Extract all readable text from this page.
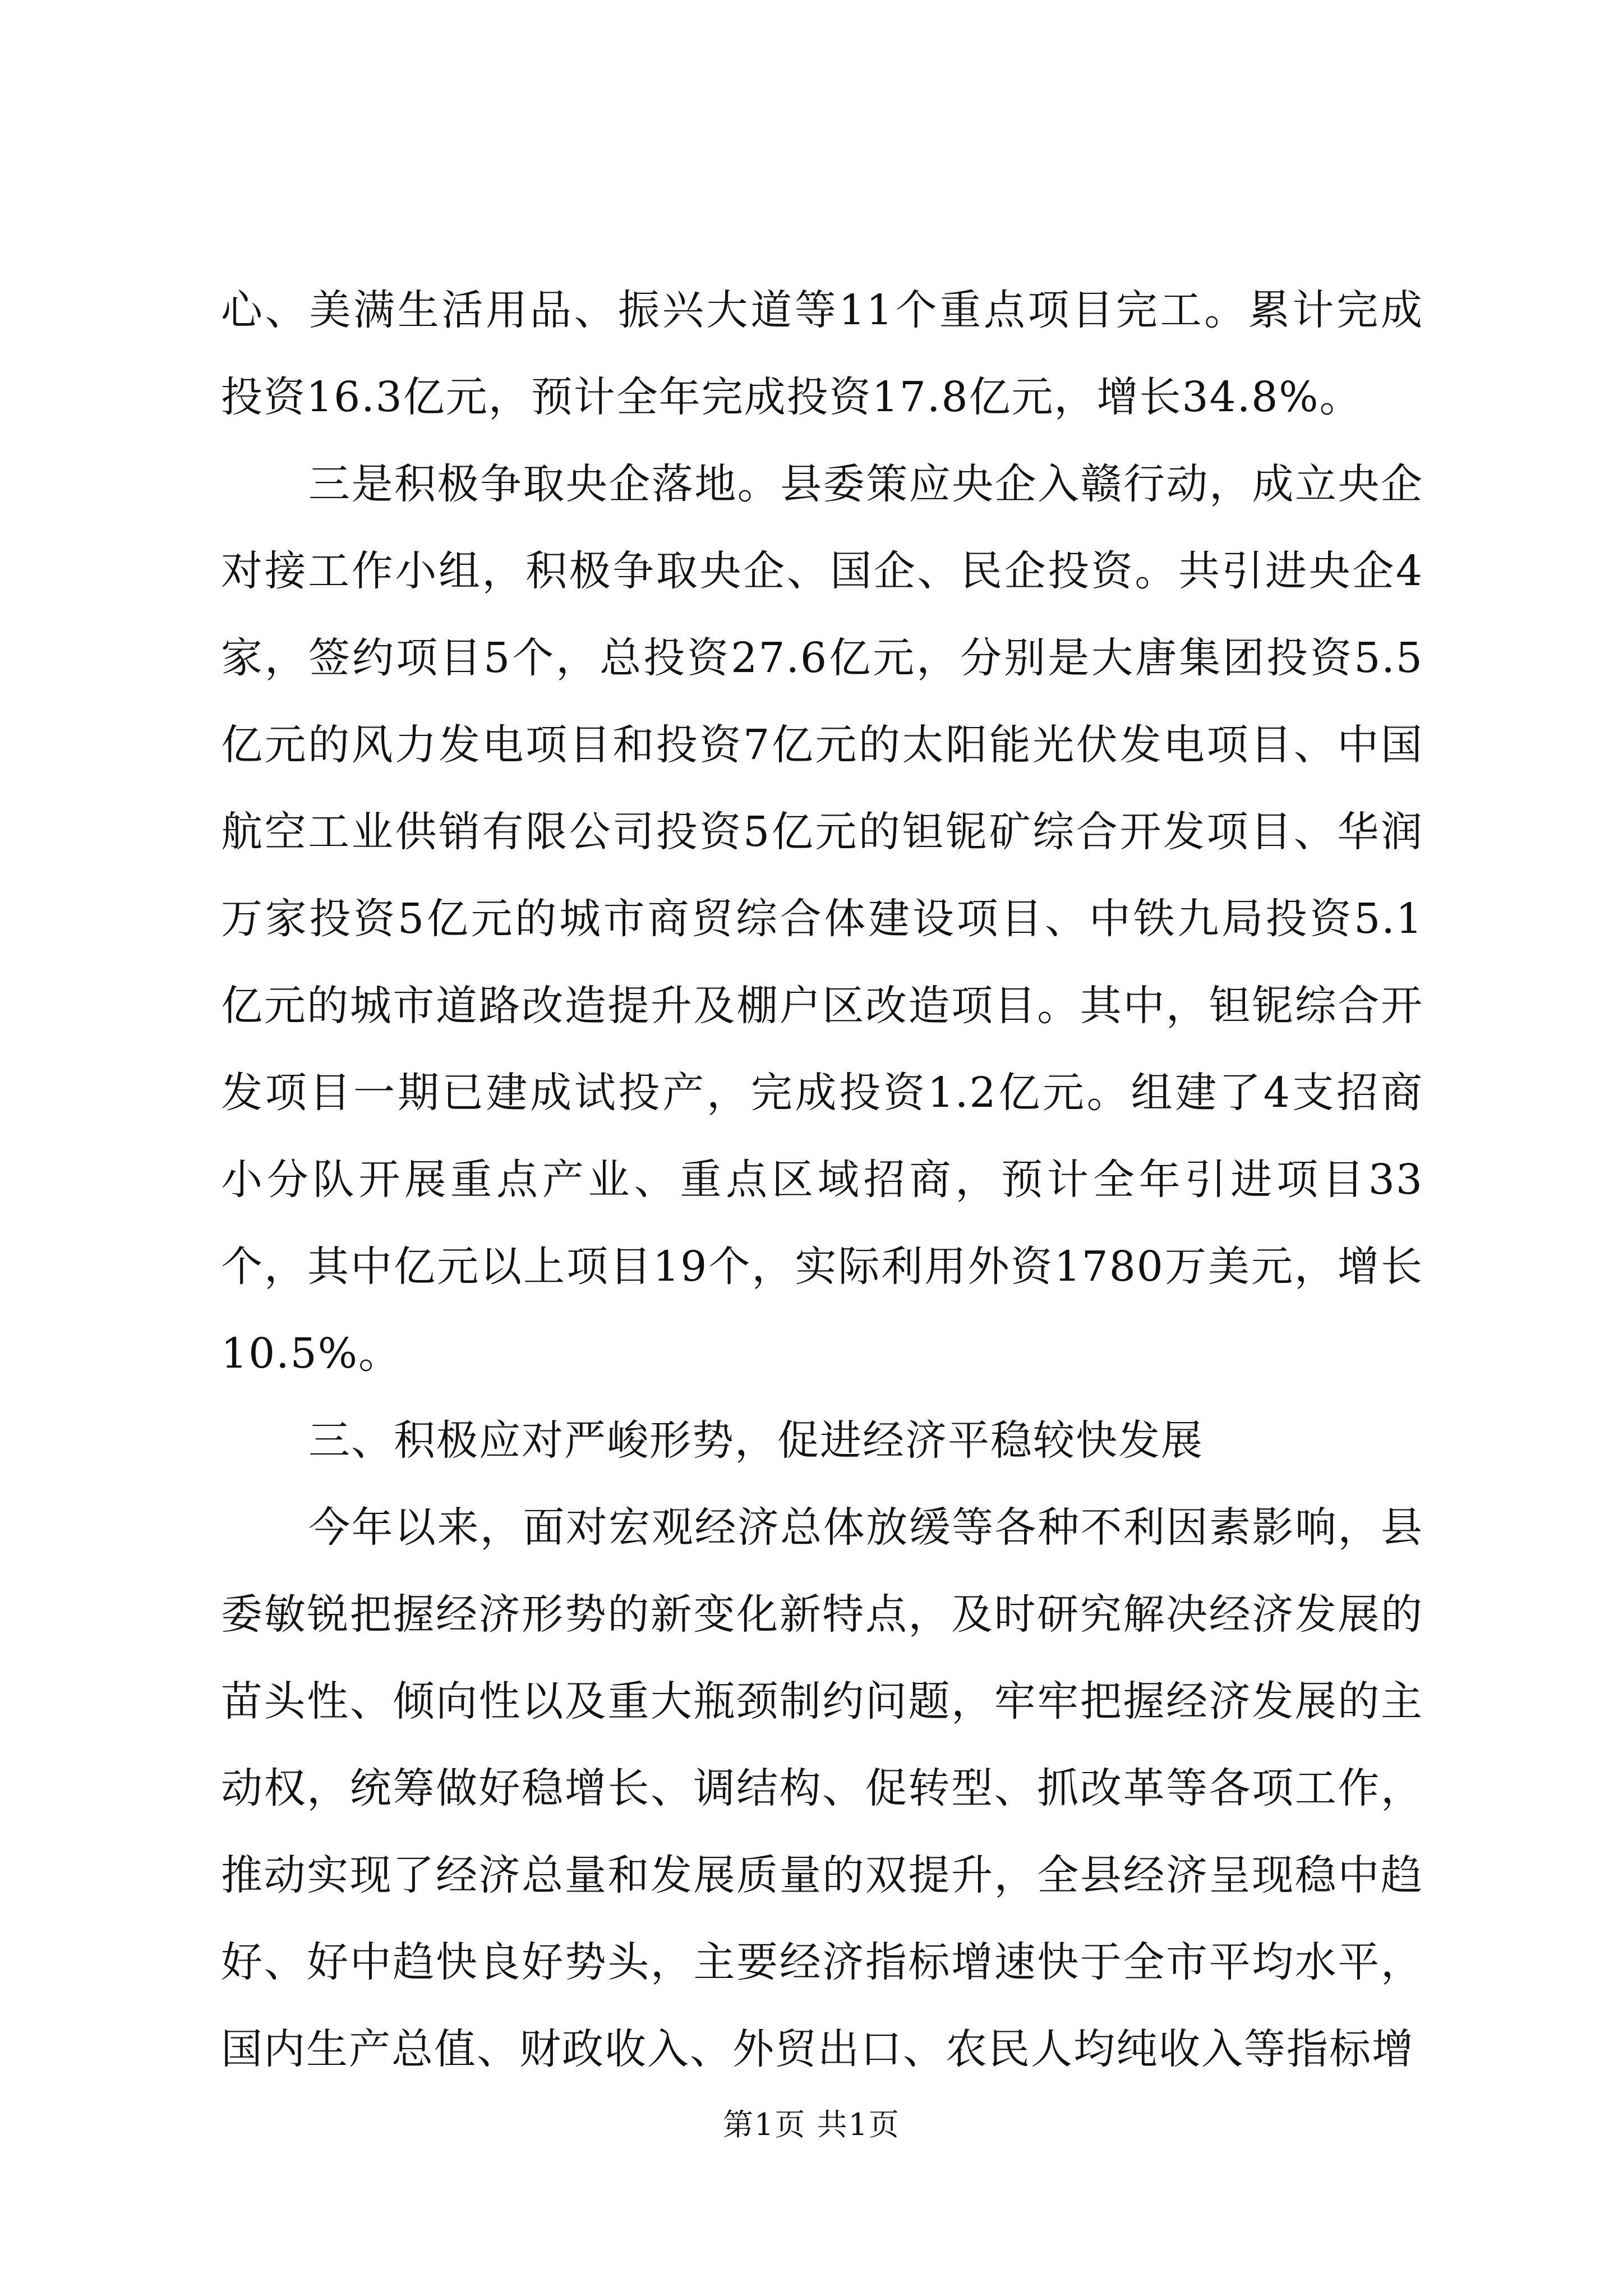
心、美满生活用品、振兴大道等11个重点项目完工。累计完成投资16.3亿元，预计全年完成投资17.8亿元，增长34.8%。

三是积极争取央企落地。县委策应央企入赣行动，成立央企对接工作小组，积极争取央企、国企、民企投资。共引进央企4家，签约项目5个，总投资27.6亿元，分别是大唐集团投资5.5亿元的风力发电项目和投资7亿元的太阳能光伏发电项目、中国航空工业供销有限公司投资5亿元的钽铌矿综合开发项目、华润万家投资5亿元的城市商贸综合体建设项目、中铁九局投资5.1亿元的城市道路改造提升及棚户区改造项目。其中，钽铌综合开发项目一期已建成试投产，完成投资1.2亿元。组建了4支招商小分队开展重点产业、重点区域招商，预计全年引进项目33个，其中亿元以上项目19个，实际利用外资1780万美元，增长10.5%。

三、积极应对严峻形势，促进经济平稳较快发展

今年以来，面对宏观经济总体放缓等各种不利因素影响，县委敏锐把握经济形势的新变化新特点，及时研究解决经济发展的苗头性、倾向性以及重大瓶颈制约问题，牢牢把握经济发展的主动权，统筹做好稳增长、调结构、促转型、抓改革等各项工作，推动实现了经济总量和发展质量的双提升，全县经济呈现稳中趋好、好中趋快良好势头，主要经济指标增速快于全市平均水平，国内生产总值、财政收入、外贸出口、农民人均纯收入等指标增

第1页 共1页
